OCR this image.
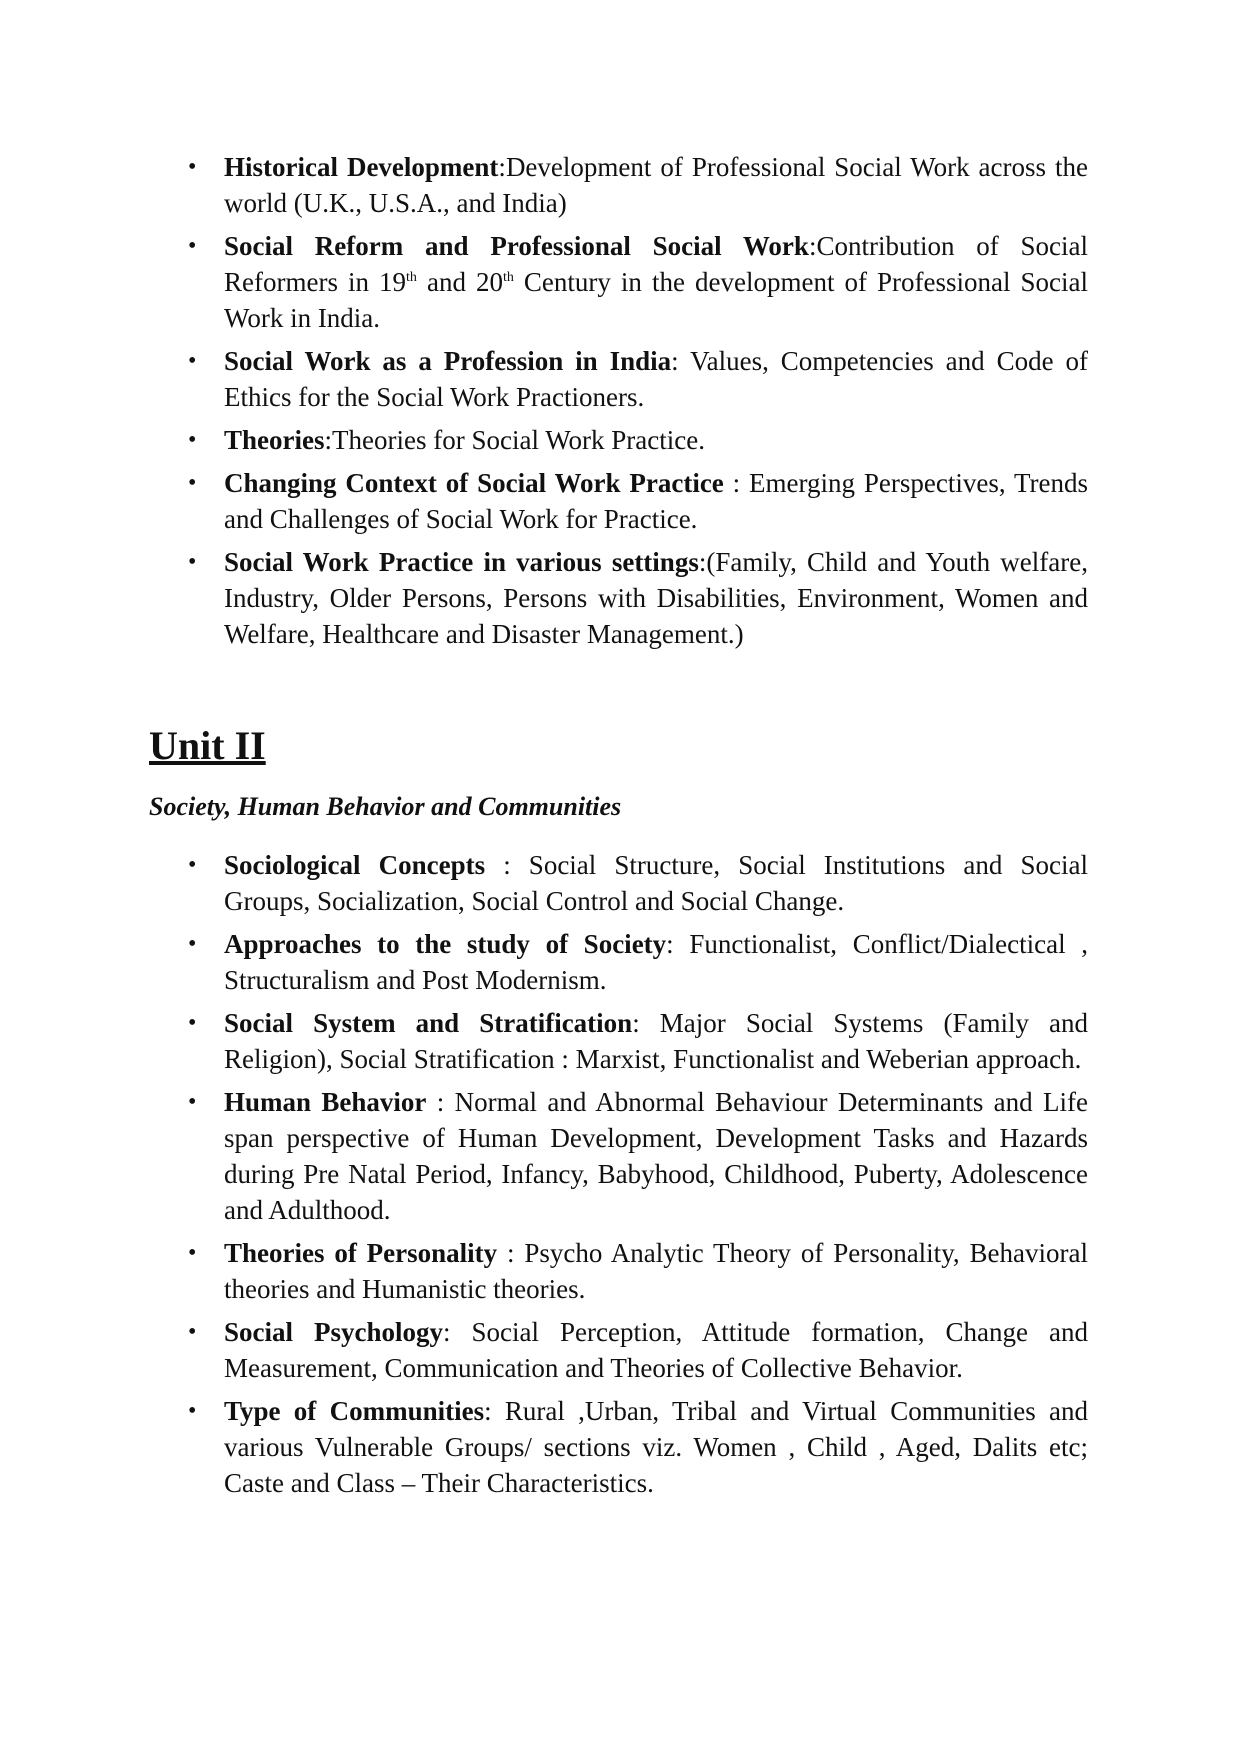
• Historical Development:Development of Professional Social Work across the world (U.K., U.S.A., and India)
• Social Reform and Professional Social Work:Contribution of Social Reformers in 19th and 20th Century in the development of Professional Social Work in India.
• Social Work as a Profession in India: Values, Competencies and Code of Ethics for the Social Work Practioners.
• Theories:Theories for Social Work Practice.
• Changing Context of Social Work Practice : Emerging Perspectives, Trends and Challenges of Social Work for Practice.
• Social Work Practice in various settings:(Family, Child and Youth welfare, Industry, Older Persons, Persons with Disabilities, Environment, Women and Welfare, Healthcare and Disaster Management.)
Unit II

Society, Human Behavior and Communities

• Sociological Concepts : Social Structure, Social Institutions and Social Groups, Socialization, Social Control and Social Change.
• Approaches to the study of Society: Functionalist, Conflict/Dialectical , Structuralism and Post Modernism.
• Social System and Stratification: Major Social Systems (Family and Religion), Social Stratification : Marxist, Functionalist and Weberian approach.
• Human Behavior : Normal and Abnormal Behaviour Determinants and Life span perspective of Human Development, Development Tasks and Hazards during Pre Natal Period, Infancy, Babyhood, Childhood, Puberty, Adolescence and Adulthood.
• Theories of Personality : Psycho Analytic Theory of Personality, Behavioral theories and Humanistic theories.
• Social Psychology: Social Perception, Attitude formation, Change and Measurement, Communication and Theories of Collective Behavior.
• Type of Communities: Rural ,Urban, Tribal and Virtual Communities and various Vulnerable Groups/ sections viz. Women , Child , Aged, Dalits etc; Caste and Class – Their Characteristics.
